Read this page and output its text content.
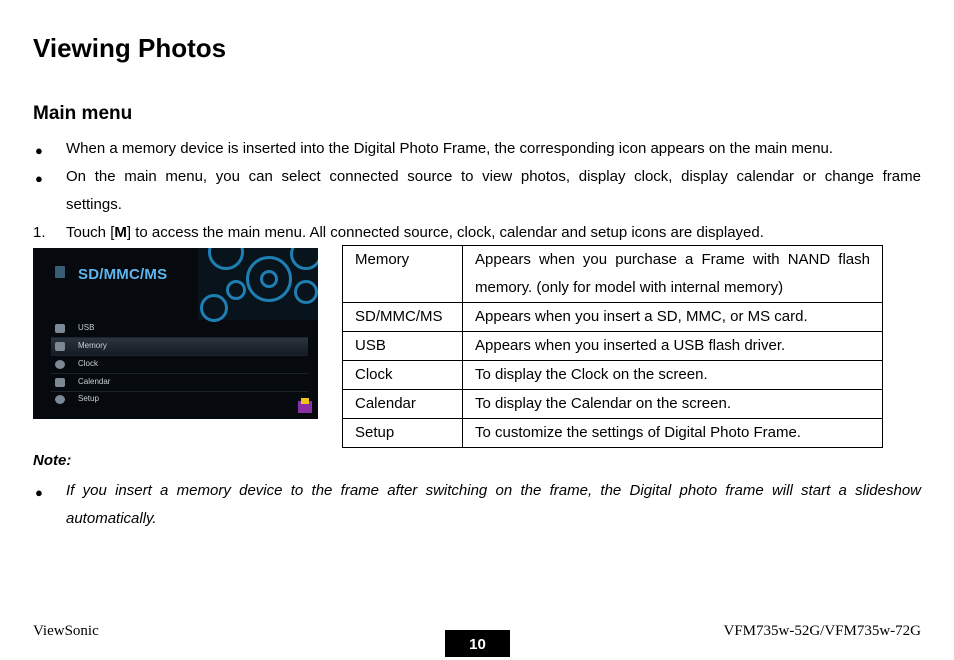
Viewing Photos
Main menu
● When a memory device is inserted into the Digital Photo Frame, the corresponding icon appears on the main menu.
● On the main menu, you can select connected source to view photos, display clock, display calendar or change frame
settings.
1. Touch [M] to access the main menu. All connected source, clock, calendar and setup icons are displayed.
SD/MMC/MS
USB
Memory
Clock
Calendar
Setup
Memory	Appears when you purchase a Frame with NAND flash
memory. (only for model with internal memory)

SD/MMC/MS	Appears when you insert a SD, MMC, or MS card.
USB	Appears when you inserted a USB flash driver.
Clock	To display the Clock on the screen.
Calendar	To display the Calendar on the screen.
Setup	To customize the settings of Digital Photo Frame.
Note:
● If you insert a memory device to the frame after switching on the frame, the Digital photo frame will start a slideshow
automatically.
ViewSonic
10
VFM735w-52G/VFM735w-72G
